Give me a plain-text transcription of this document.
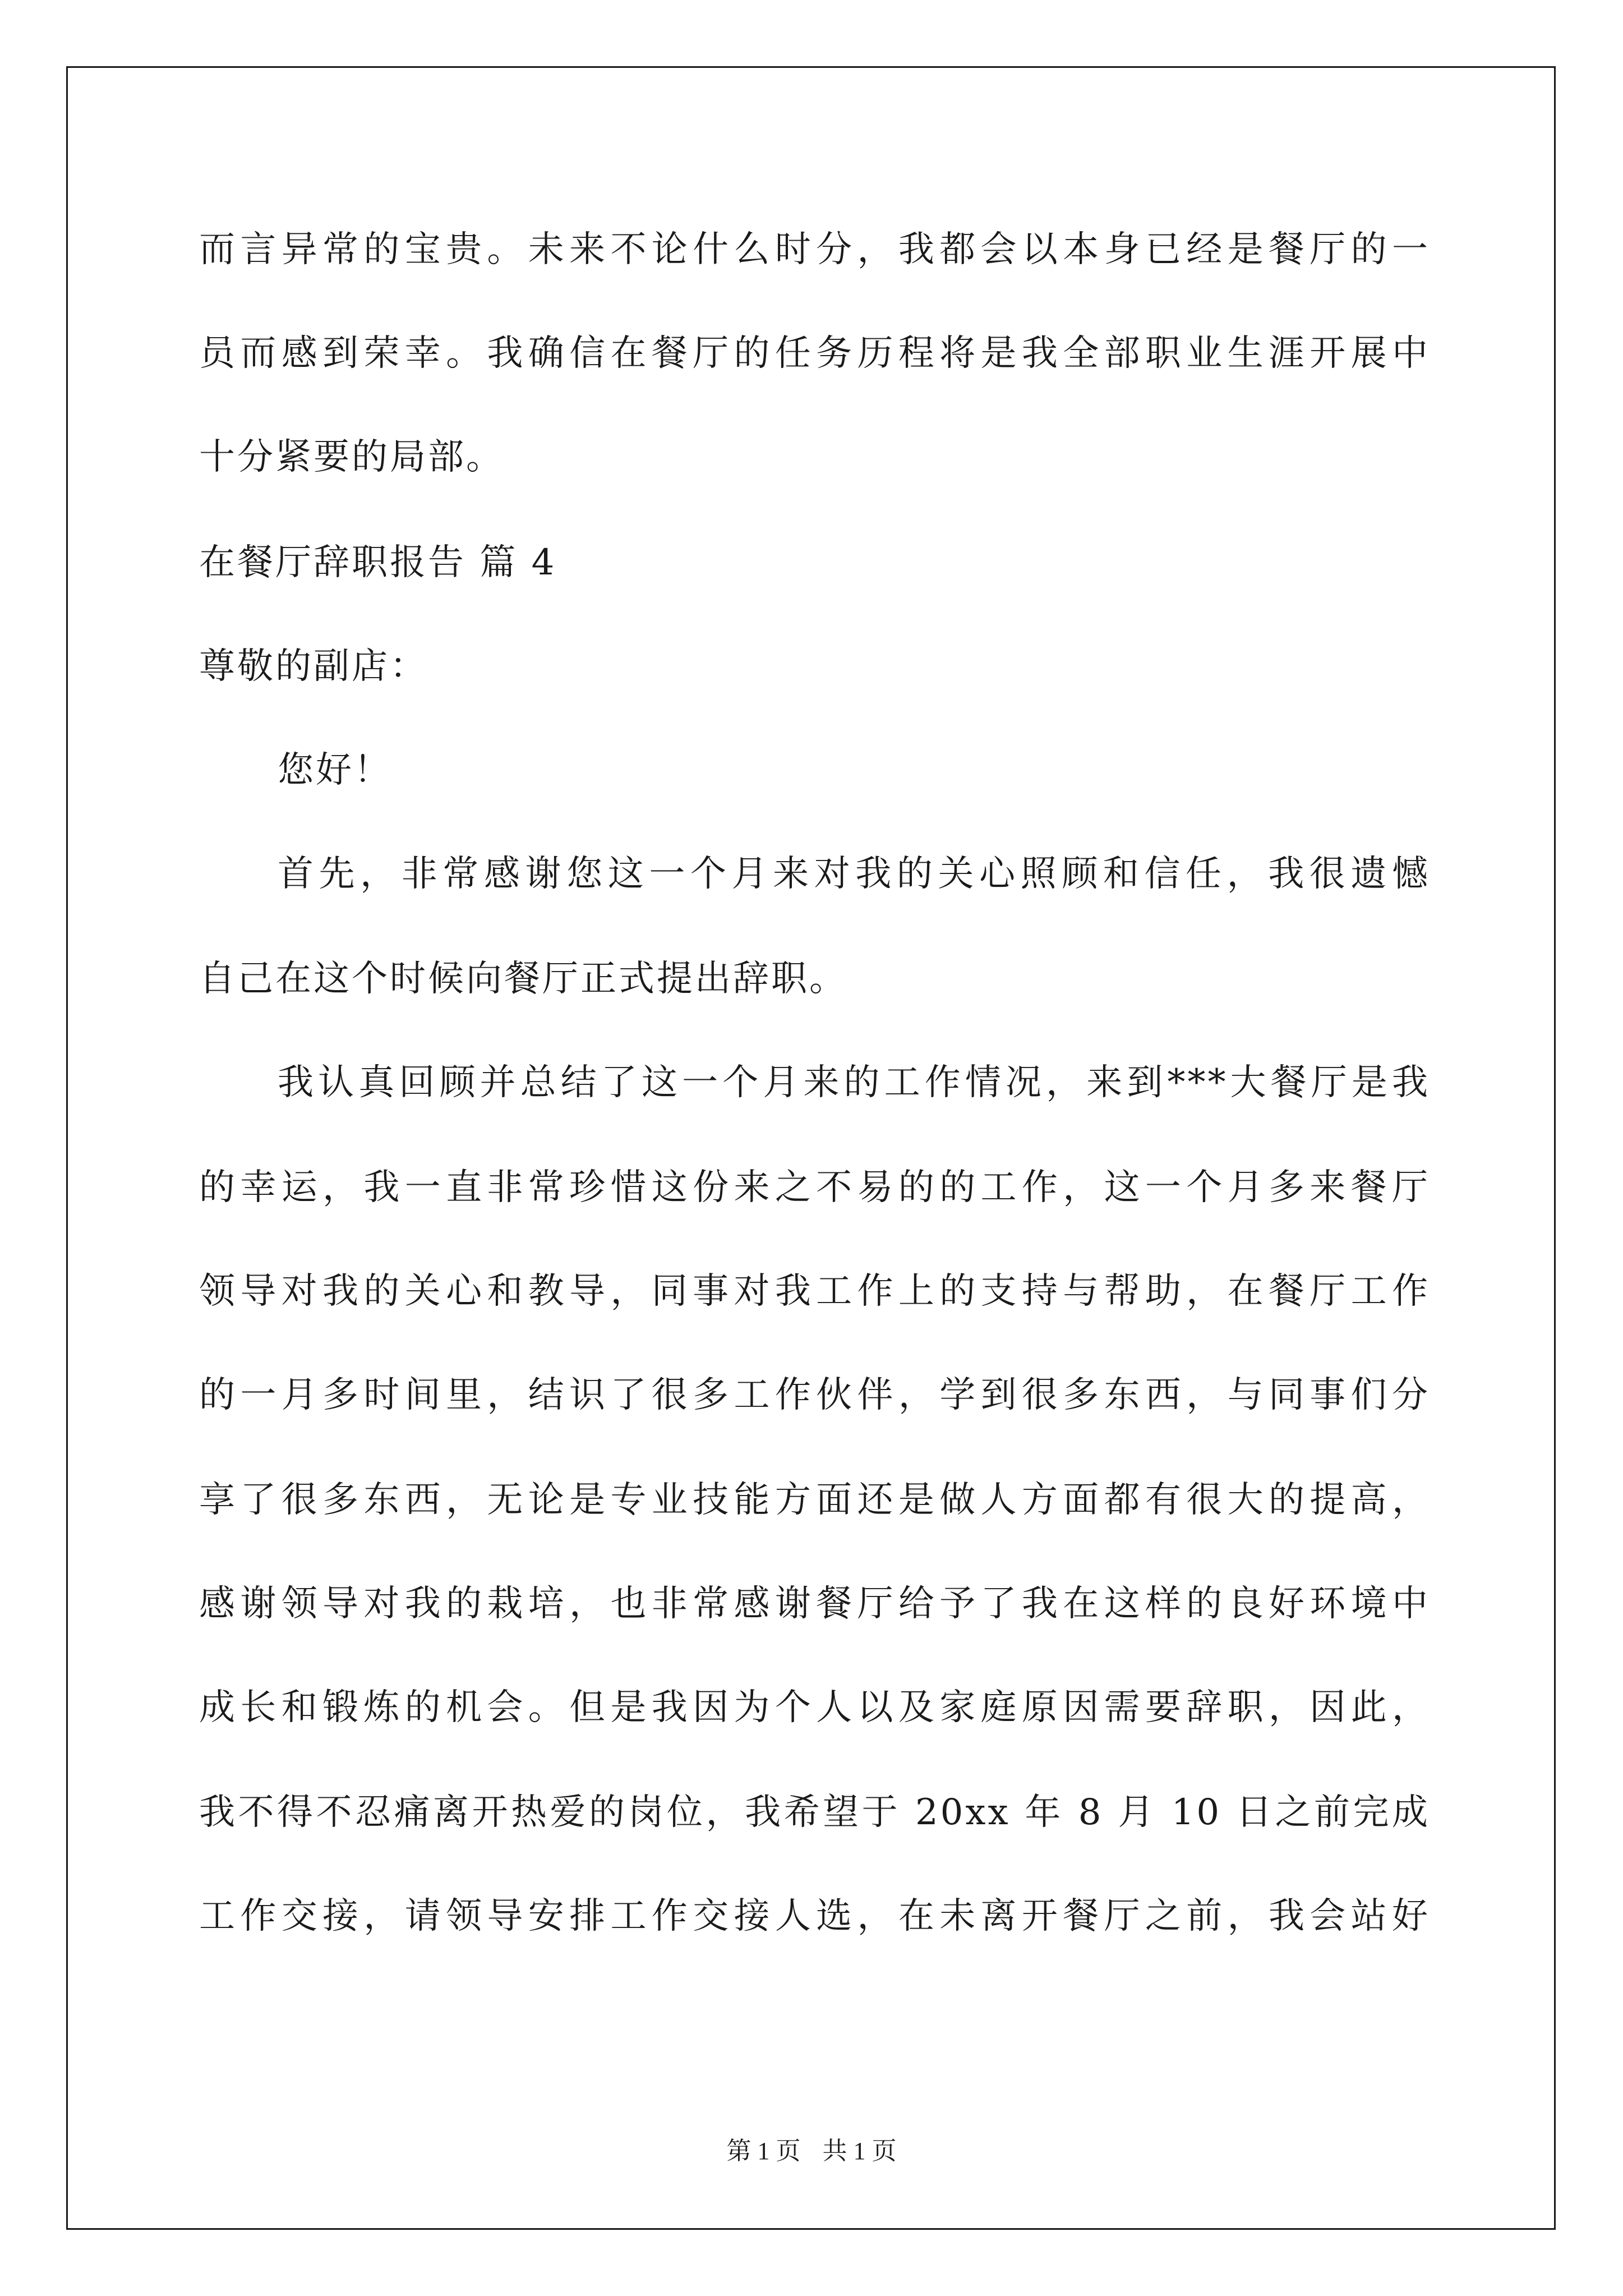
而言异常的宝贵。未来不论什么时分，我都会以本身已经是餐厅的一
员而感到荣幸。我确信在餐厅的任务历程将是我全部职业生涯开展中
十分紧要的局部。
在餐厅辞职报告 篇 4
尊敬的副店：
您好！
首先，非常感谢您这一个月来对我的关心照顾和信任，我很遗憾
自己在这个时候向餐厅正式提出辞职。
我认真回顾并总结了这一个月来的工作情况，来到***大餐厅是我
的幸运，我一直非常珍惜这份来之不易的的工作，这一个月多来餐厅
领导对我的关心和教导，同事对我工作上的支持与帮助，在餐厅工作
的一月多时间里，结识了很多工作伙伴，学到很多东西，与同事们分
享了很多东西，无论是专业技能方面还是做人方面都有很大的提高，
感谢领导对我的栽培，也非常感谢餐厅给予了我在这样的良好环境中
成长和锻炼的机会。但是我因为个人以及家庭原因需要辞职，因此，
我不得不忍痛离开热爱的岗位，我希望于 20xx 年 8 月 10 日之前完成
工作交接，请领导安排工作交接人选，在未离开餐厅之前，我会站好
第 1 页 共 1 页
